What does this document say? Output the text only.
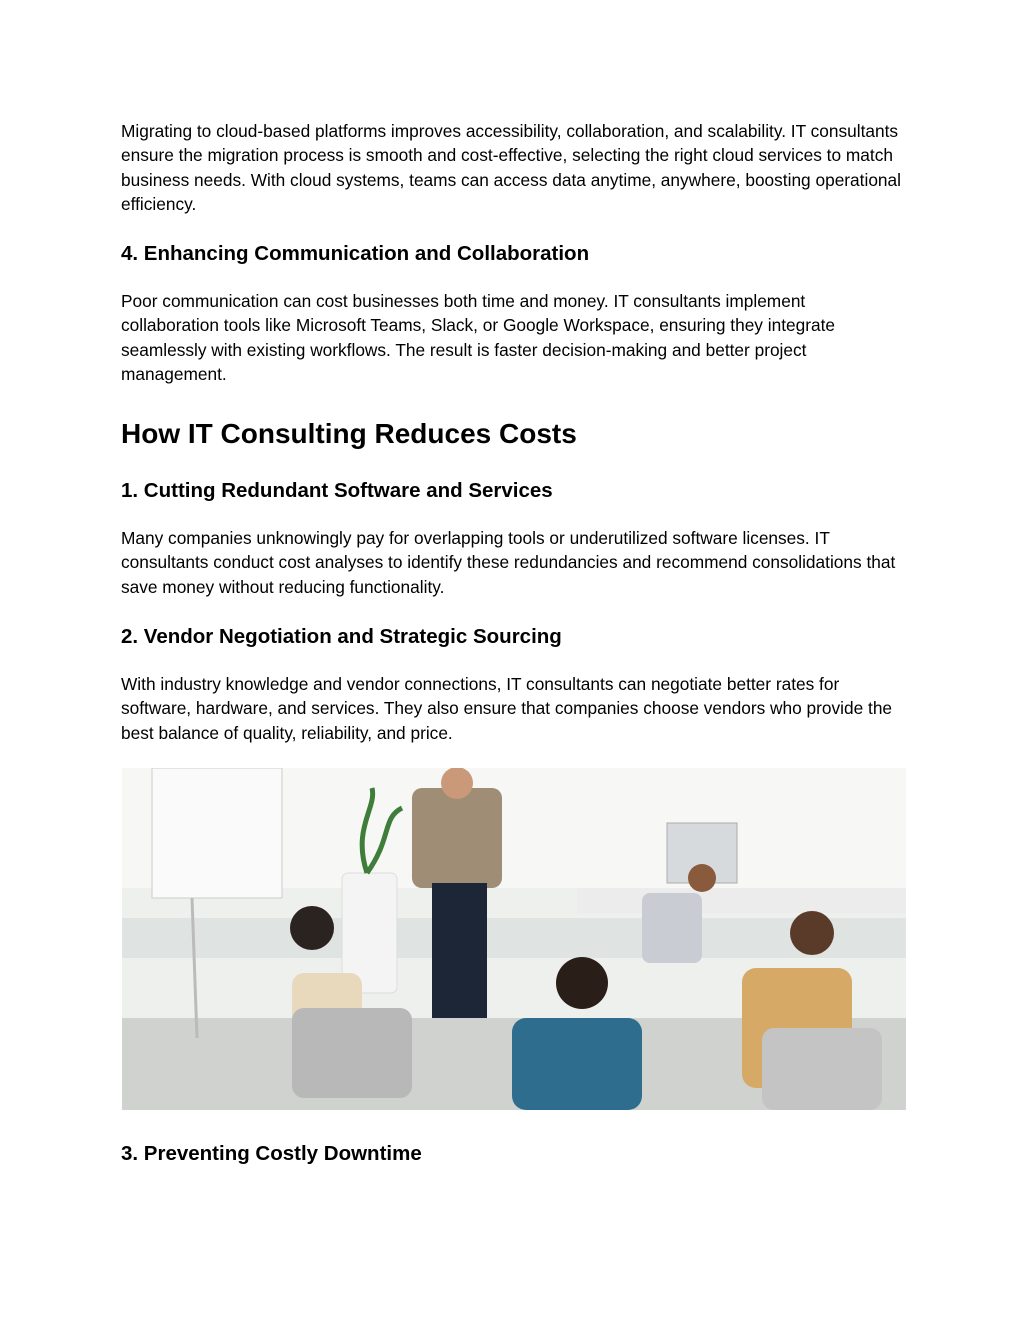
Migrating to cloud-based platforms improves accessibility, collaboration, and scalability. IT consultants ensure the migration process is smooth and cost-effective, selecting the right cloud services to match business needs. With cloud systems, teams can access data anytime, anywhere, boosting operational efficiency.

4. Enhancing Communication and Collaboration

Poor communication can cost businesses both time and money. IT consultants implement collaboration tools like Microsoft Teams, Slack, or Google Workspace, ensuring they integrate seamlessly with existing workflows. The result is faster decision-making and better project management.

How IT Consulting Reduces Costs
1. Cutting Redundant Software and Services

Many companies unknowingly pay for overlapping tools or underutilized software licenses. IT consultants conduct cost analyses to identify these redundancies and recommend consolidations that save money without reducing functionality.

2. Vendor Negotiation and Strategic Sourcing

With industry knowledge and vendor connections, IT consultants can negotiate better rates for software, hardware, and services. They also ensure that companies choose vendors who provide the best balance of quality, reliability, and price.

3. Preventing Costly Downtime
